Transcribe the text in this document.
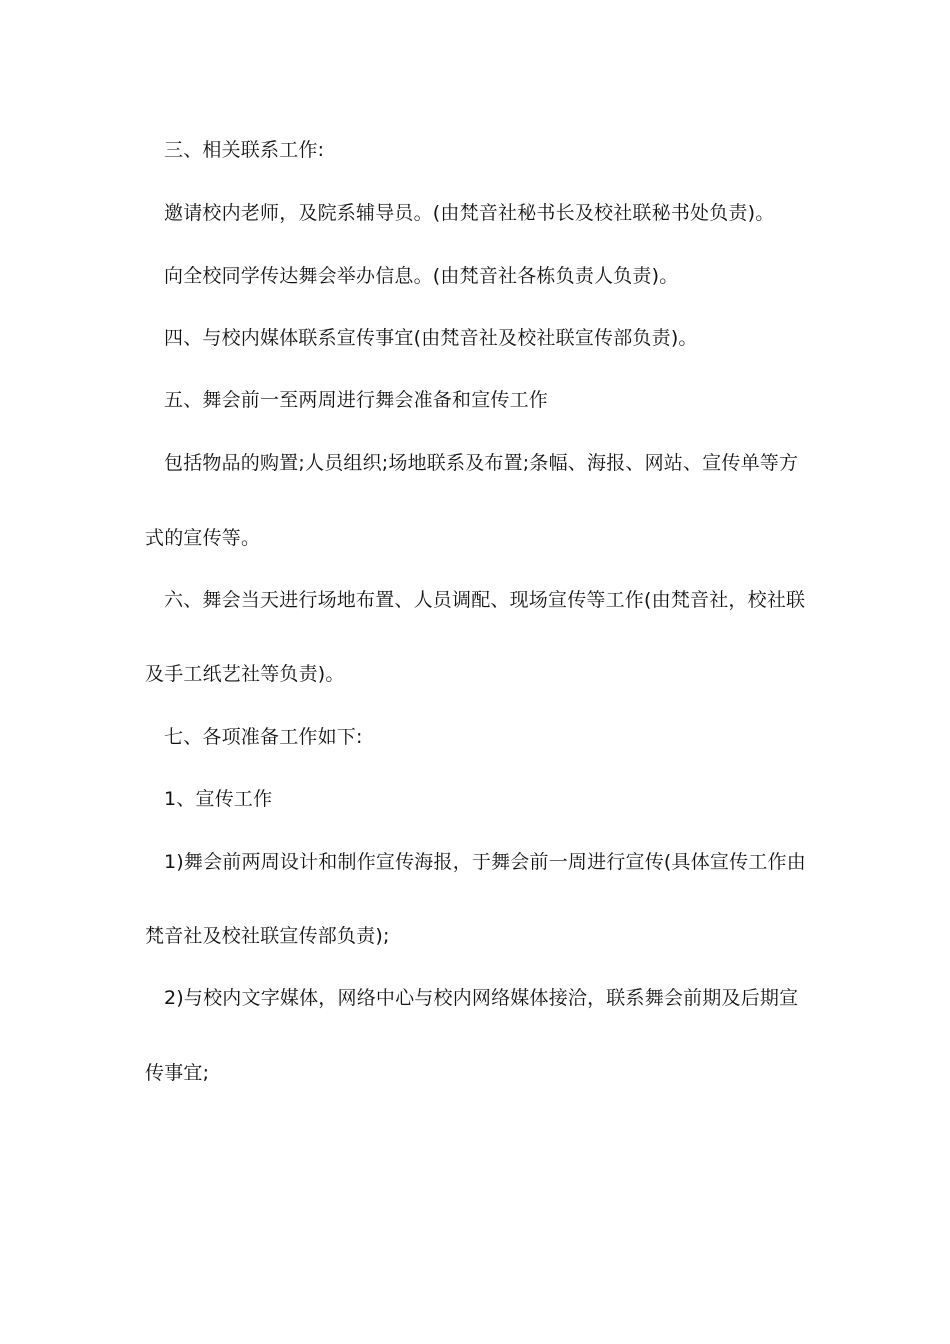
三、相关联系工作:
邀请校内老师，及院系辅导员。(由梵音社秘书长及校社联秘书处负责)。
向全校同学传达舞会举办信息。(由梵音社各栋负责人负责)。
四、与校内媒体联系宣传事宜(由梵音社及校社联宣传部负责)。
五、舞会前一至两周进行舞会准备和宣传工作
包括物品的购置;人员组织;场地联系及布置;条幅、海报、网站、宣传单等方
式的宣传等。
六、舞会当天进行场地布置、人员调配、现场宣传等工作(由梵音社，校社联
及手工纸艺社等负责)。
七、各项准备工作如下:
1、宣传工作
1)舞会前两周设计和制作宣传海报，于舞会前一周进行宣传(具体宣传工作由
梵音社及校社联宣传部负责);
2)与校内文字媒体，网络中心与校内网络媒体接洽，联系舞会前期及后期宣
传事宜;
